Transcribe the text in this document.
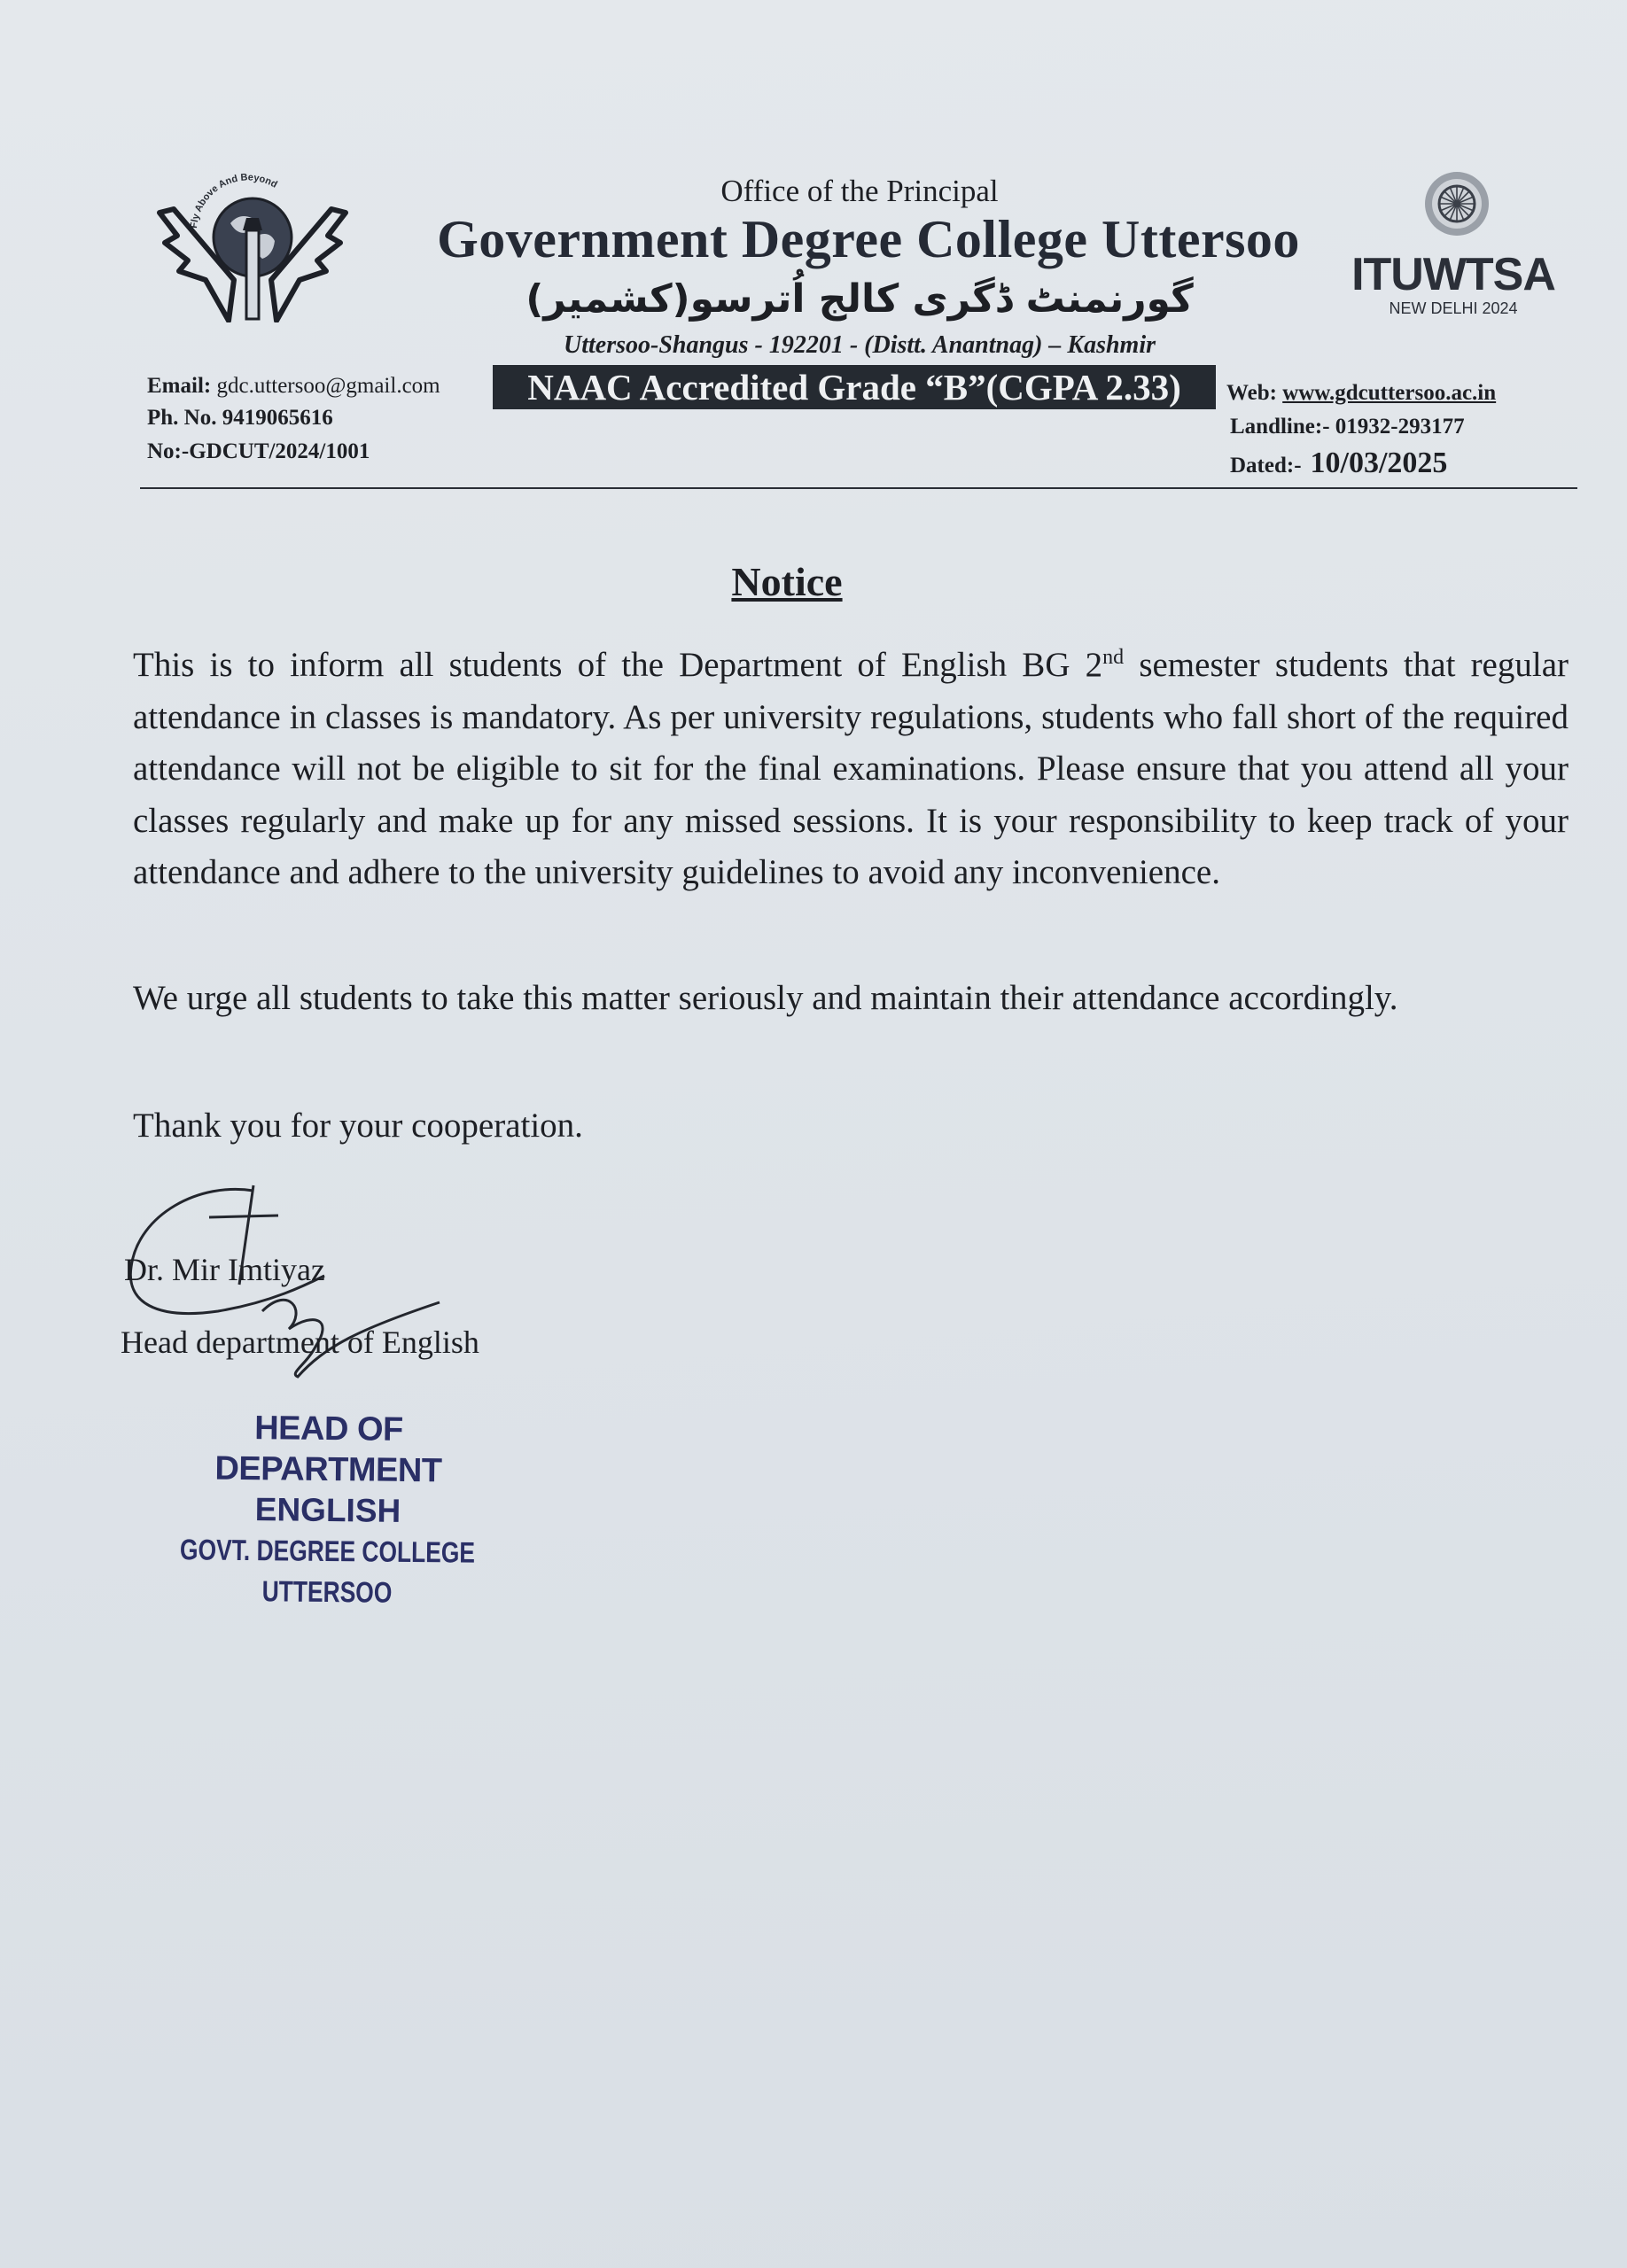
Fly Above And Beyond	Office of the Principal
Government Degree College Uttersoo
گورنمنٹ ڈگری کالج اُترسو(کشمیر)
Uttersoo-Shangus - 192201 - (Distt. Anantnag) – Kashmir
ITUWTSA
NEW DELHI 2024
Email: gdc.uttersoo@gmail.com
Ph. No. 9419065616
No:-GDCUT/2024/1001
NAAC Accredited Grade “B”(CGPA 2.33)	Web: www.gdcuttersoo.ac.in
Landline:- 01932-293177
Dated:- 10/03/2025
Notice
This is to inform all students of the Department of English BG 2nd semester students that regular attendance in classes is mandatory. As per university regulations, students who fall short of the required attendance will not be eligible to sit for the final examinations. Please ensure that you attend all your classes regularly and make up for any missed sessions. It is your responsibility to keep track of your attendance and adhere to the university guidelines to avoid any inconvenience.
We urge all students to take this matter seriously and maintain their attendance accordingly.
Thank you for your cooperation.
Dr. Mir Imtiyaz
Head department of English
HEAD OF DEPARTMENT
ENGLISH
GOVT. DEGREE COLLEGE UTTERSOO
